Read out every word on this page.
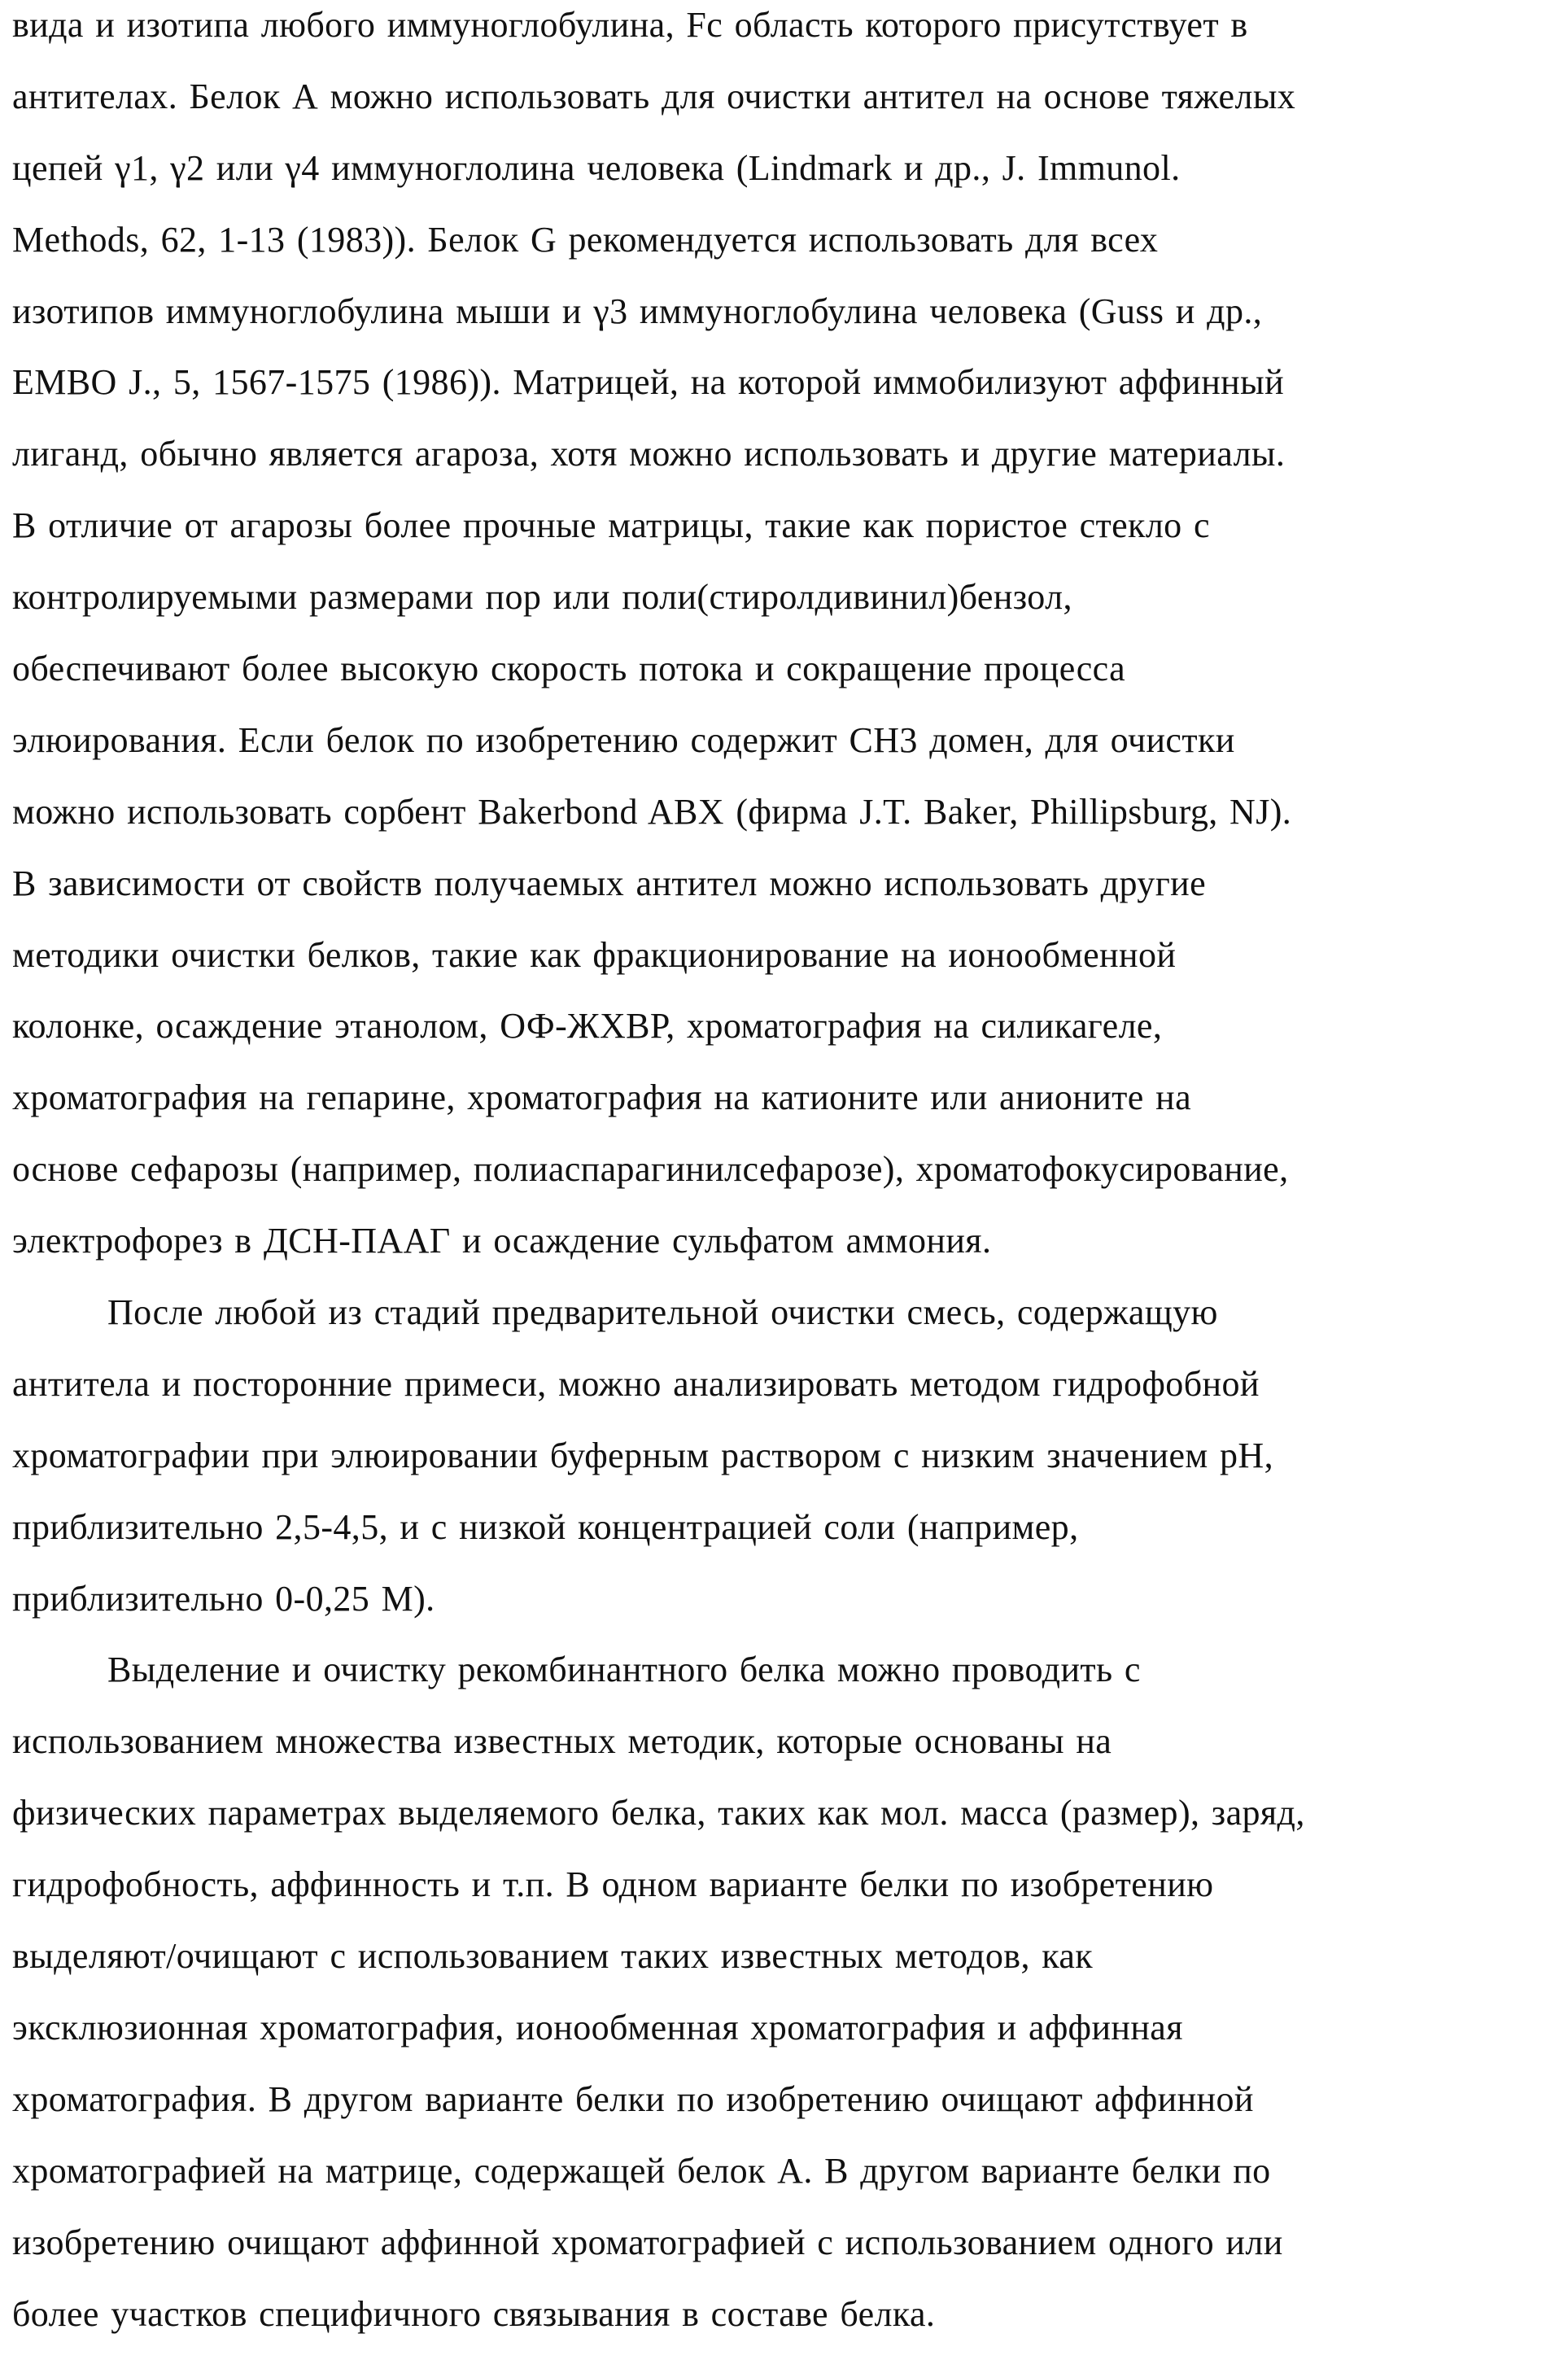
вида и изотипа любого иммуноглобулина, Fc область которого присутствует в
антителах. Белок А можно использовать для очистки антител на основе тяжелых
цепей γ1, γ2 или γ4 иммуноглолина человека (Lindmark и др., J. Immunol.
Methods, 62, 1-13 (1983)). Белок G рекомендуется использовать для всех
изотипов иммуноглобулина мыши и γ3 иммуноглобулина человека (Guss и др.,
EMBO J., 5, 1567-1575 (1986)). Матрицей, на которой иммобилизуют аффинный
лиганд, обычно является агароза, хотя можно использовать и другие материалы.
В отличие от агарозы более прочные матрицы, такие как пористое стекло с
контролируемыми размерами пор или поли(стиролдивинил)бензол,
обеспечивают более высокую скорость потока и сокращение процесса
элюирования. Если белок по изобретению содержит CH3 домен, для очистки
можно использовать сорбент Bakerbond ABX (фирма J.T. Baker, Phillipsburg, NJ).
В зависимости от свойств получаемых антител можно использовать другие
методики очистки белков, такие как фракционирование на ионообменной
колонке, осаждение этанолом, ОФ-ЖХВР, хроматография на силикагеле,
хроматография на гепарине, хроматография на катионите или анионите на
основе сефарозы (например, полиаспарагинилсефарозе), хроматофокусирование,
электрофорез в ДСН-ПААГ и осаждение сульфатом аммония.
После любой из стадий предварительной очистки смесь, содержащую
антитела и посторонние примеси, можно анализировать методом гидрофобной
хроматографии при элюировании буферным раствором с низким значением pH,
приблизительно 2,5-4,5, и с низкой концентрацией соли (например,
приблизительно 0-0,25 М).
Выделение и очистку рекомбинантного белка можно проводить с
использованием множества известных методик, которые основаны на
физических параметрах выделяемого белка, таких как мол. масса (размер), заряд,
гидрофобность, аффинность и т.п. В одном варианте белки по изобретению
выделяют/очищают с использованием таких известных методов, как
эксклюзионная хроматография, ионообменная хроматография и аффинная
хроматография. В другом варианте белки по изобретению очищают аффинной
хроматографией на матрице, содержащей белок А. В другом варианте белки по
изобретению очищают аффинной хроматографией с использованием одного или
более участков специфичного связывания в составе белка.
